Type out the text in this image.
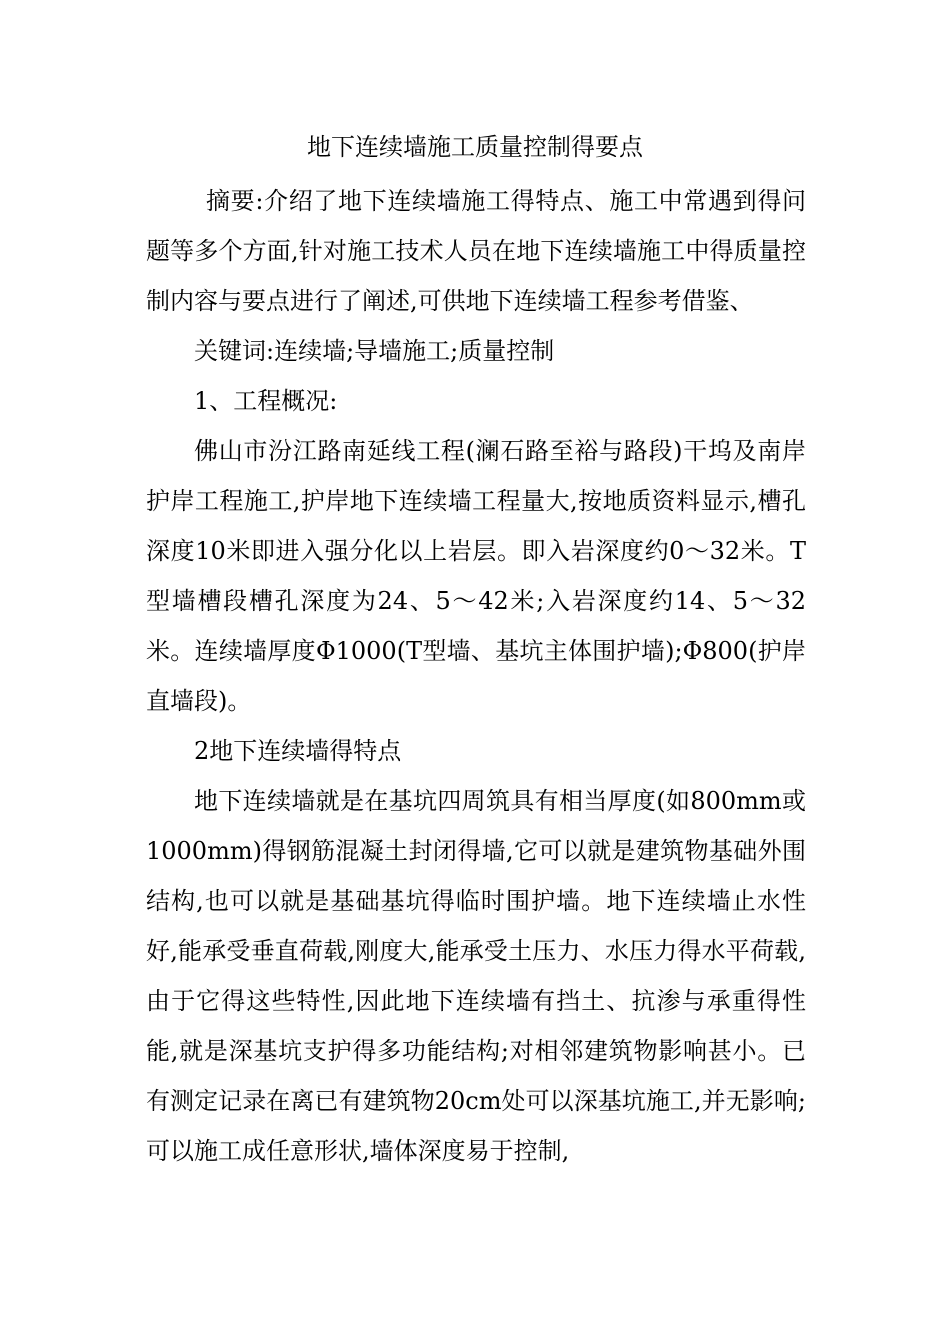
地下连续墙施工质量控制得要点

摘要:介绍了地下连续墙施工得特点、施工中常遇到得问题等多个方面,针对施工技术人员在地下连续墙施工中得质量控制内容与要点进行了阐述,可供地下连续墙工程参考借鉴、

关键词:连续墙;导墙施工;质量控制

1、工程概况:

佛山市汾江路南延线工程(澜石路至裕与路段)干坞及南岸护岸工程施工,护岸地下连续墙工程量大,按地质资料显示,槽孔深度10米即进入强分化以上岩层。即入岩深度约0～32米。T型墙槽段槽孔深度为24、5～42米;入岩深度约14、5～32米。连续墙厚度Φ1000(T型墙、基坑主体围护墙);Φ800(护岸直墙段)。

2地下连续墙得特点

地下连续墙就是在基坑四周筑具有相当厚度(如800mm或1000mm)得钢筋混凝土封闭得墙,它可以就是建筑物基础外围结构,也可以就是基础基坑得临时围护墙。地下连续墙止水性好,能承受垂直荷载,刚度大,能承受土压力、水压力得水平荷载,由于它得这些特性,因此地下连续墙有挡土、抗渗与承重得性能,就是深基坑支护得多功能结构;对相邻建筑物影响甚小。已有测定记录在离已有建筑物20cm处可以深基坑施工,并无影响;可以施工成任意形状,墙体深度易于控制,
